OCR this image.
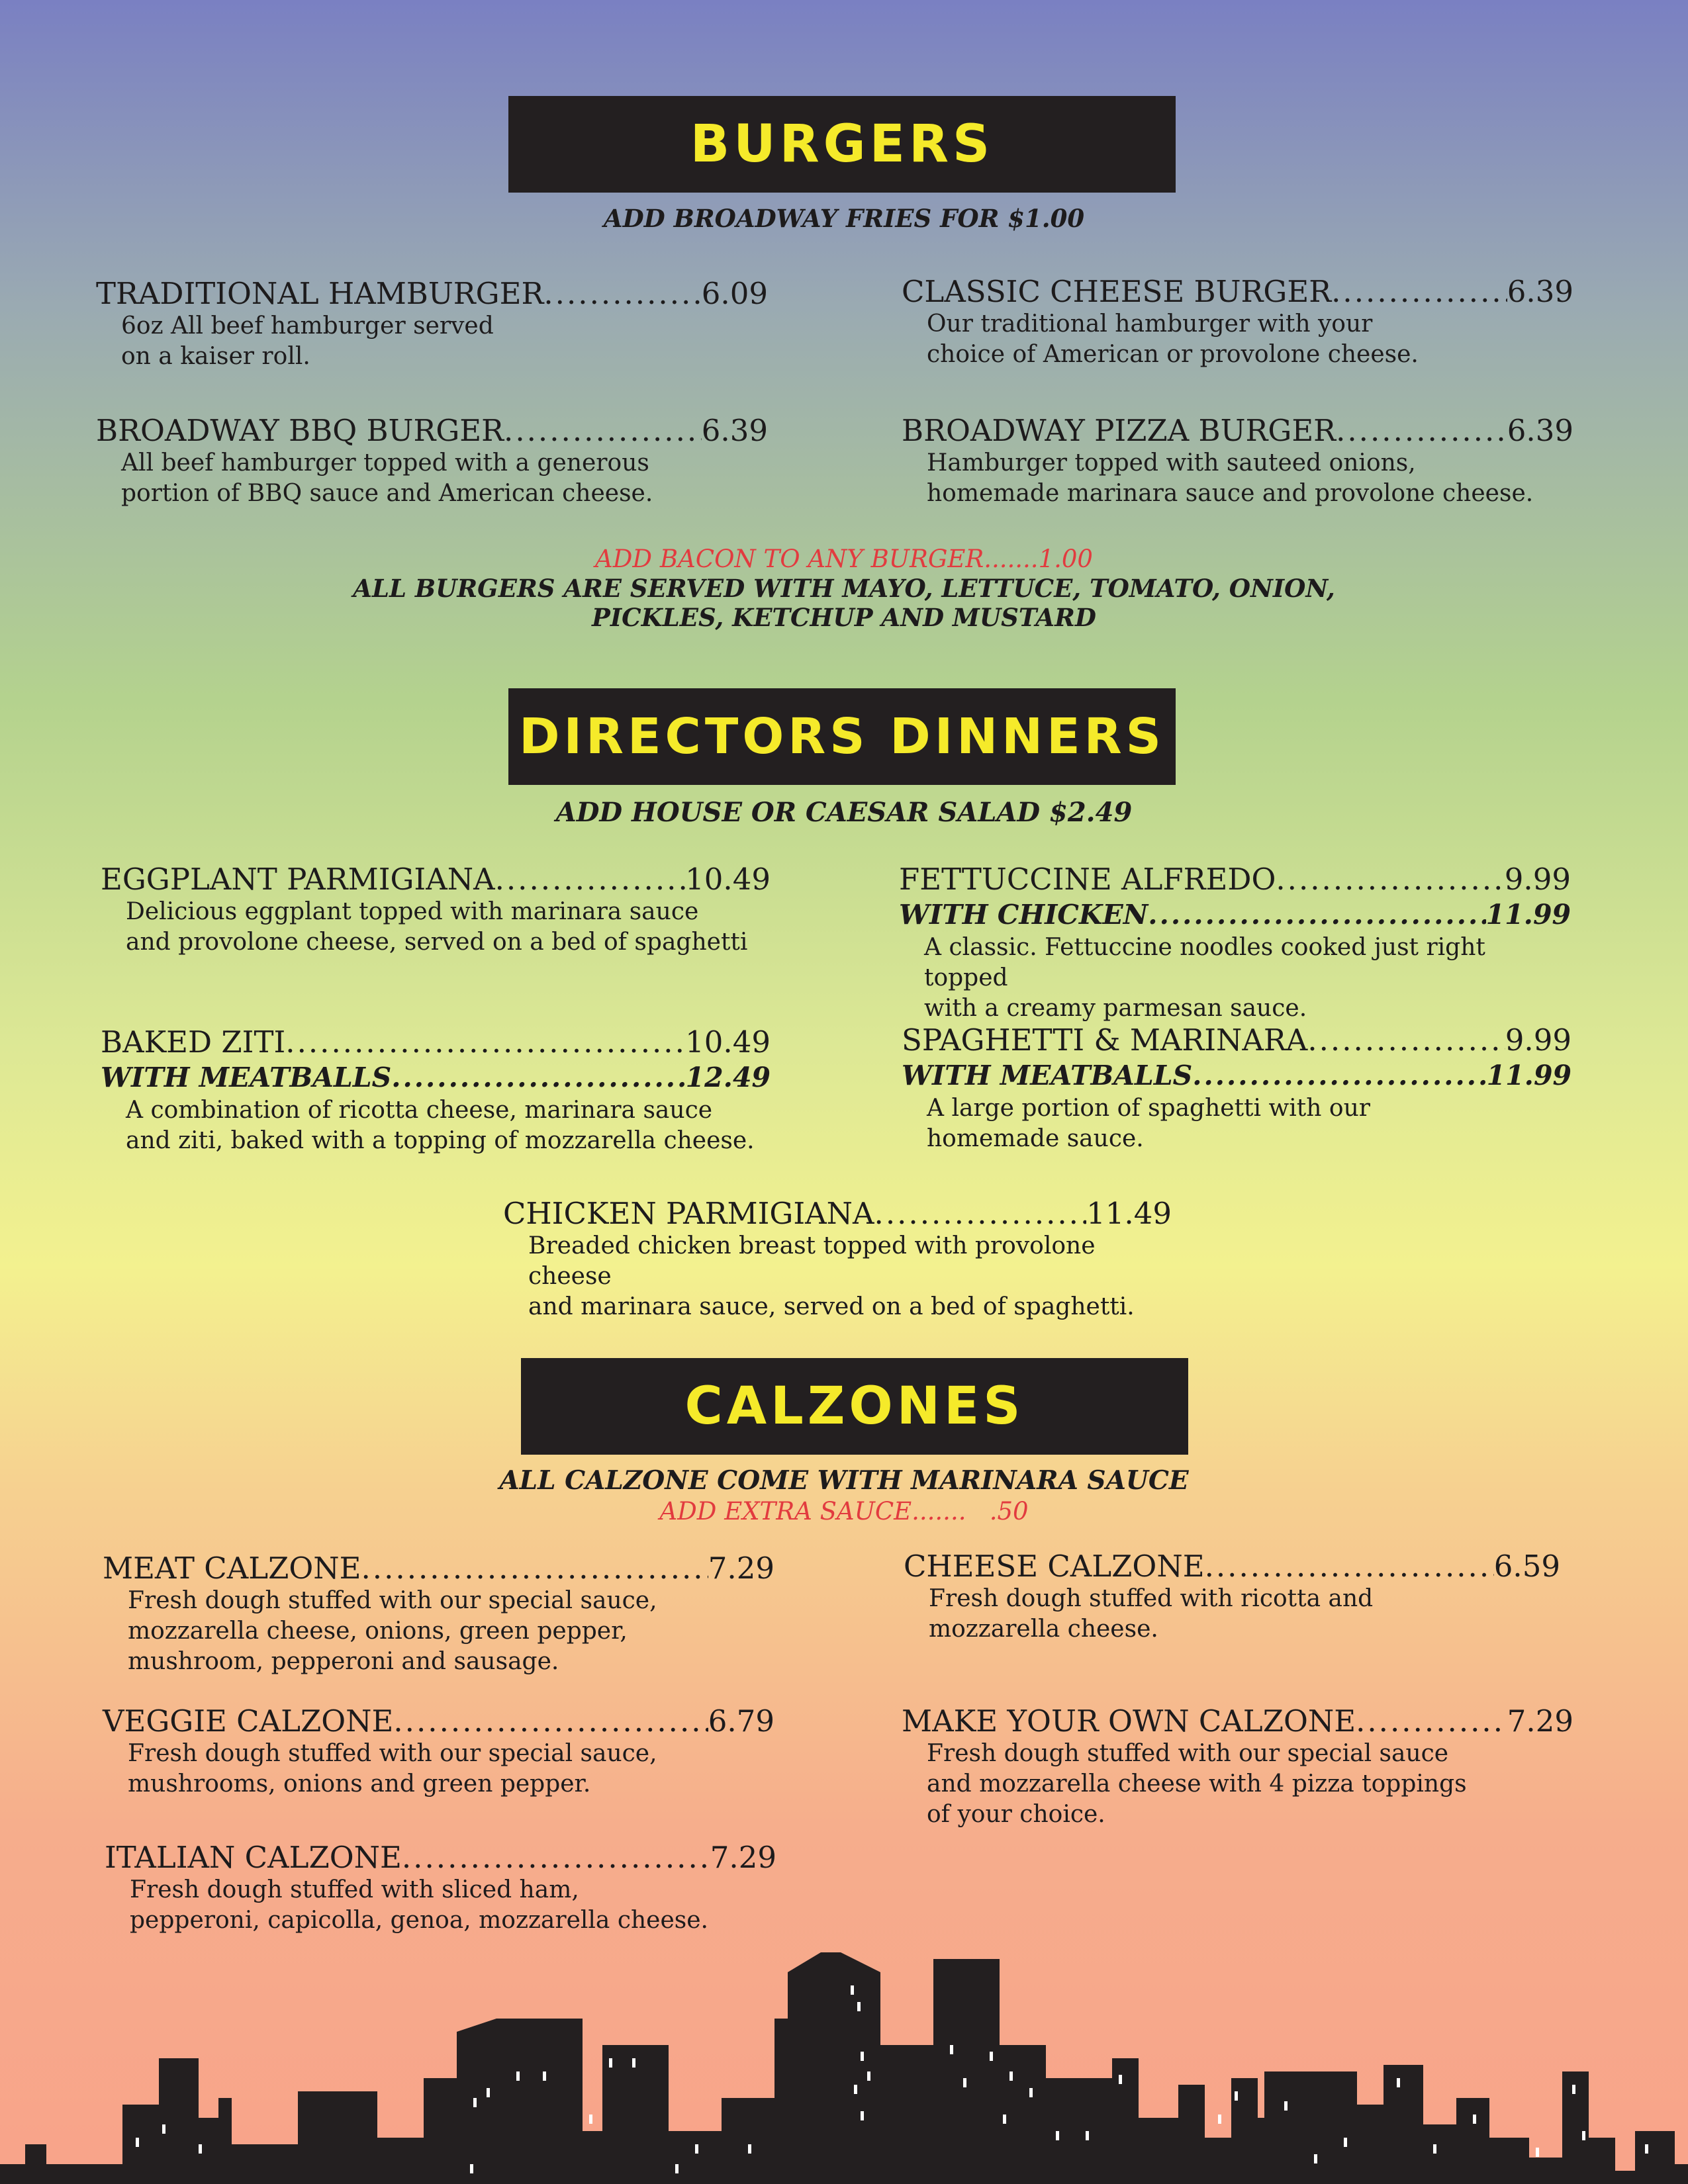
BURGERS
ADD BROADWAY FRIES FOR $1.00
TRADITIONAL HAMBURGER .....	6.09
6oz All beef hamburger served
on a kaiser roll.
CLASSIC CHEESE BURGER .....	6.39
Our traditional hamburger with your
choice of American or provolone cheese.
BROADWAY BBQ BURGER .....	6.39
All beef hamburger topped with a generous
portion of BBQ sauce and American cheese.
BROADWAY PIZZA BURGER .....	6.39
Hamburger topped with sauteed onions,
homemade marinara sauce and provolone cheese.
ADD BACON TO ANY BURGER.......1.00
ALL BURGERS ARE SERVED WITH MAYO, LETTUCE, TOMATO, ONION,
PICKLES, KETCHUP AND MUSTARD
DIRECTORS DINNERS
ADD HOUSE OR CAESAR SALAD $2.49
EGGPLANT PARMIGIANA .....	10.49
Delicious eggplant topped with marinara sauce
and provolone cheese, served on a bed of spaghetti
FETTUCCINE ALFREDO .....	9.99
WITH CHICKEN .....	11.99
A classic. Fettuccine noodles cooked just right topped
with a creamy parmesan sauce.
BAKED ZITI .....	10.49
WITH MEATBALLS .....	12.49
A combination of ricotta cheese, marinara sauce
and ziti, baked with a topping of mozzarella cheese.
SPAGHETTI & MARINARA .....	9.99
WITH MEATBALLS .....	11.99
A large portion of spaghetti with our
homemade sauce.
CHICKEN PARMIGIANA .....	11.49
Breaded chicken breast topped with provolone cheese
and marinara sauce, served on a bed of spaghetti.
CALZONES
ALL CALZONE COME WITH MARINARA SAUCE
ADD EXTRA SAUCE.......   .50
MEAT CALZONE .....	7.29
Fresh dough stuffed with our special sauce,
mozzarella cheese, onions, green pepper,
mushroom, pepperoni and sausage.
CHEESE CALZONE .....	6.59
Fresh dough stuffed with ricotta and
mozzarella cheese.
VEGGIE CALZONE .....	6.79
Fresh dough stuffed with our special sauce,
mushrooms, onions and green pepper.
MAKE YOUR OWN CALZONE .....	7.29
Fresh dough stuffed with our special sauce
and mozzarella cheese with 4 pizza toppings
of your choice.
ITALIAN CALZONE .....	7.29
Fresh dough stuffed with sliced ham,
pepperoni, capicolla, genoa, mozzarella cheese.
